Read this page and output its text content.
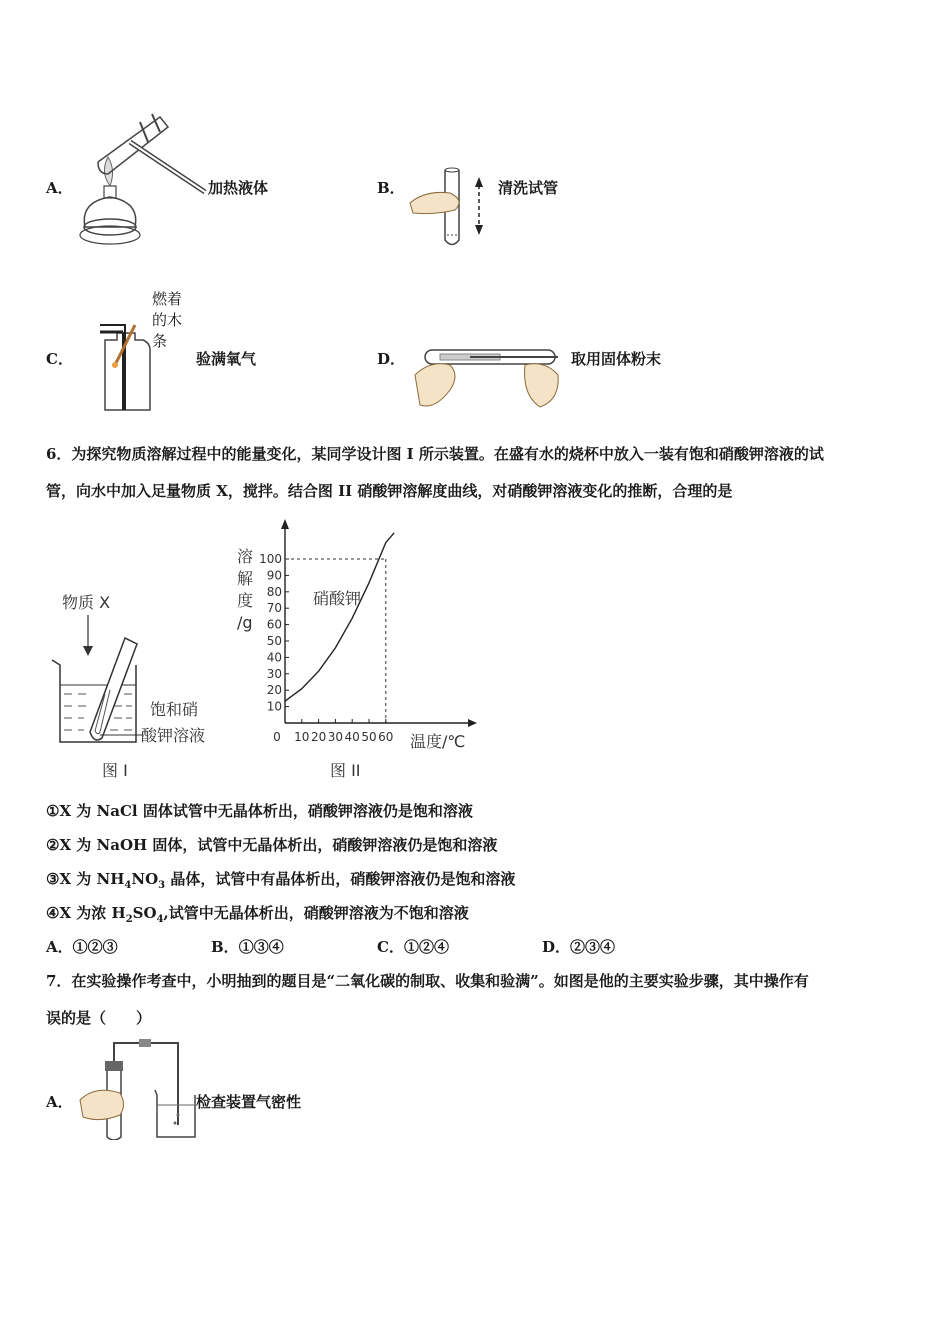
A．	加热液体	B．	清洗试管
C．
燃着
的木
条
验满氧气	D．	取用固体粉末
6．为探究物质溶解过程中的能量变化，某同学设计图 I 所示装置。在盛有水的烧杯中放入一装有饱和硝酸钾溶液的试
管，向水中加入足量物质 X，搅拌。结合图 II 硝酸钾溶解度曲线，对硝酸钾溶液变化的推断，合理的是
物质 X
饱和硝
酸钾溶液
图 I
溶
解
度
/g
10
20
30
40
50
60
70
80
90
100
0 10 20 30 40 50 60
硝酸钾
温度/℃
图 II
①X 为 NaCl 固体试管中无晶体析出，硝酸钾溶液仍是饱和溶液
②X 为 NaOH 固体，试管中无晶体析出，硝酸钾溶液仍是饱和溶液
③X 为 $NH_4NO_3$ 晶体，试管中有晶体析出，硝酸钾溶液仍是饱和溶液
④X 为浓 $H_2SO_4$,试管中无晶体析出，硝酸钾溶液为不饱和溶液
A．①②③	B．①③④	C．①②④	D．②③④
7．在实验操作考查中，小明抽到的题目是“二氧化碳的制取、收集和验满”。如图是他的主要实验步骤，其中操作有
误的是（　　）
A．	检查装置气密性
